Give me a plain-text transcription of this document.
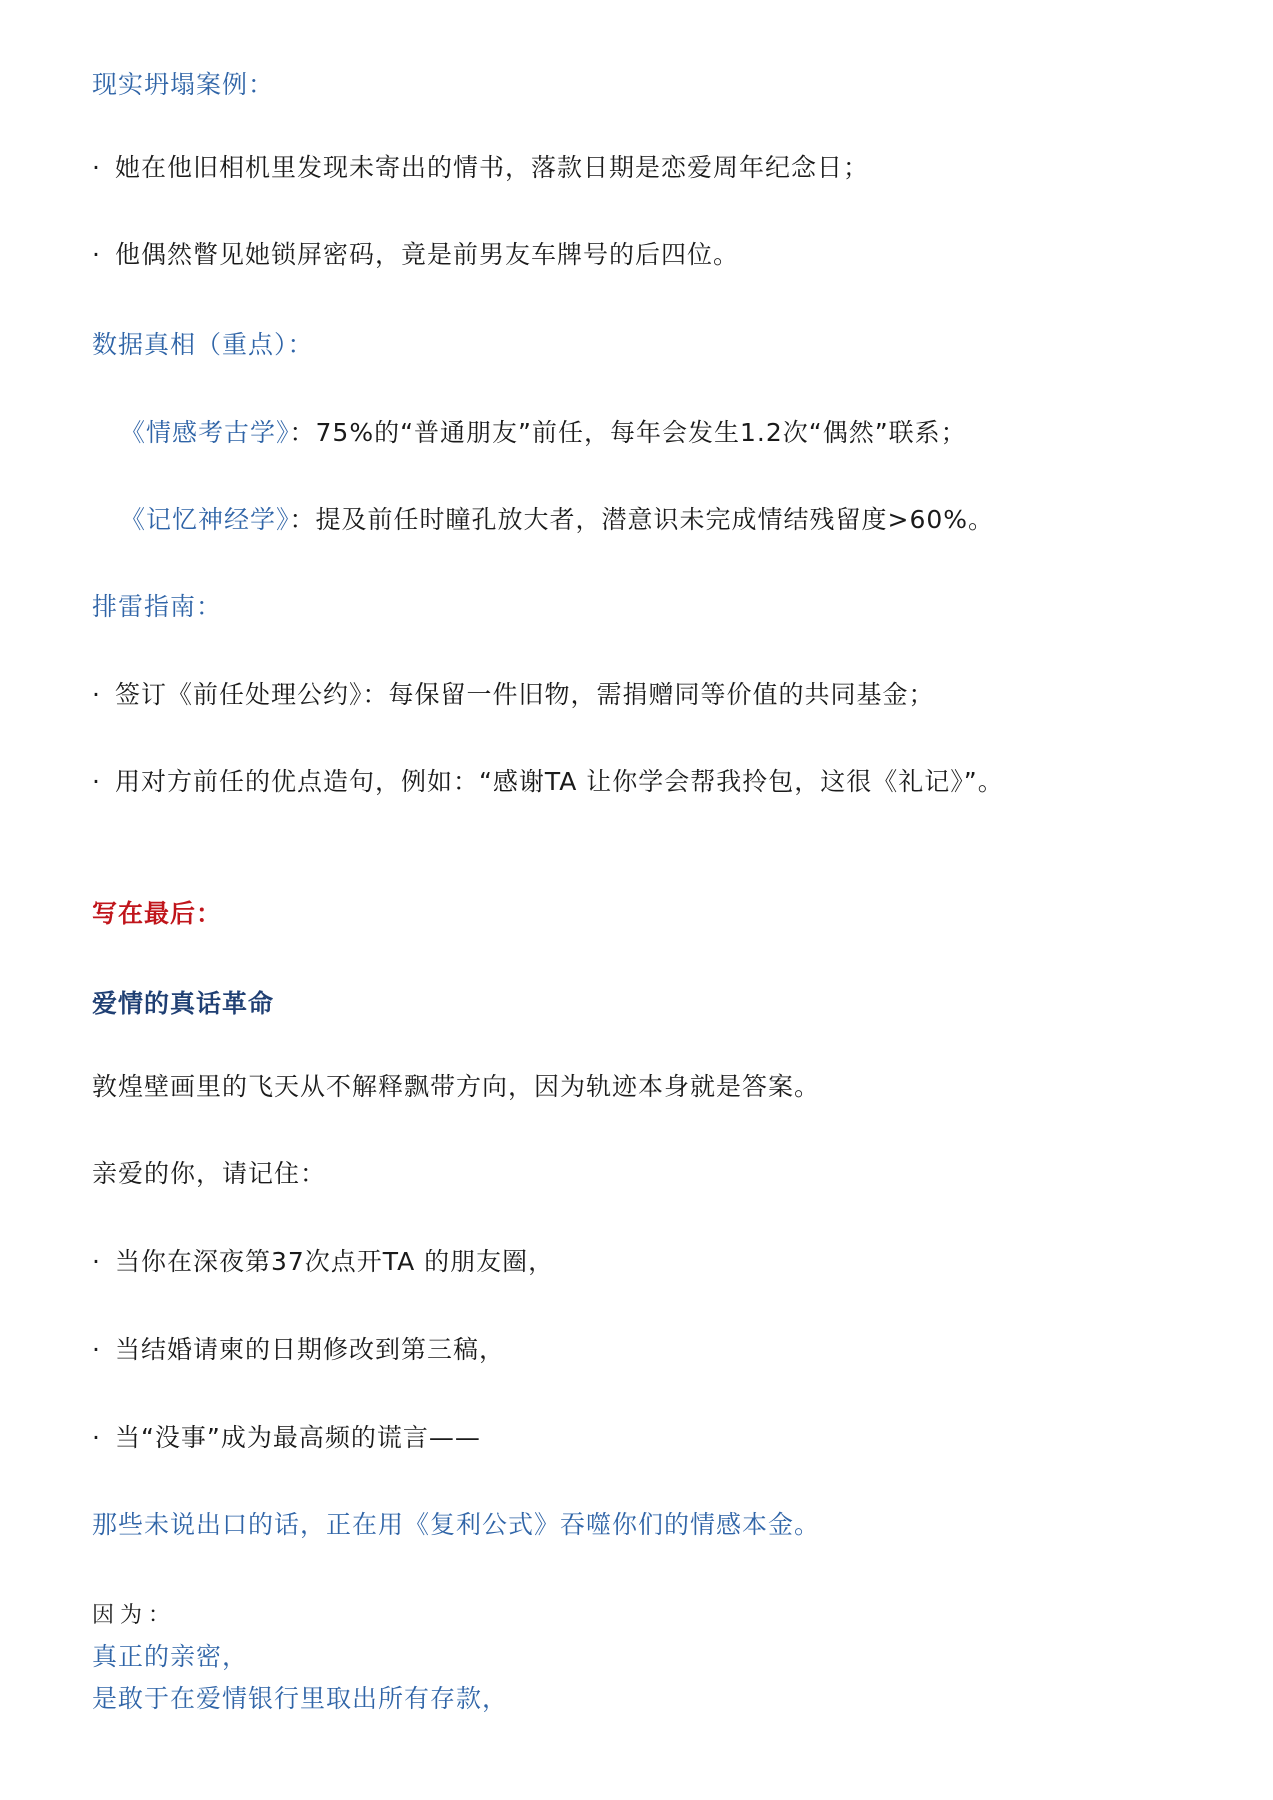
现实坍塌案例：
· 她在他旧相机里发现未寄出的情书，落款日期是恋爱周年纪念日；
· 他偶然瞥见她锁屏密码，竟是前男友车牌号的后四位。
数据真相（重点）：
《情感考古学》：75%的“普通朋友”前任，每年会发生1.2次“偶然”联系；
《记忆神经学》：提及前任时瞳孔放大者，潜意识未完成情结残留度>60%。
排雷指南：
· 签订《前任处理公约》：每保留一件旧物，需捐赠同等价值的共同基金；
· 用对方前任的优点造句，例如：“感谢TA 让你学会帮我拎包，这很《礼记》”。
写在最后：
爱情的真话革命
敦煌壁画里的飞天从不解释飘带方向，因为轨迹本身就是答案。
亲爱的你，请记住：
· 当你在深夜第37次点开TA 的朋友圈，
· 当结婚请柬的日期修改到第三稿，
· 当“没事”成为最高频的谎言——
那些未说出口的话，正在用《复利公式》吞噬你们的情感本金。
因为：
真正的亲密，
是敢于在爱情银行里取出所有存款，
